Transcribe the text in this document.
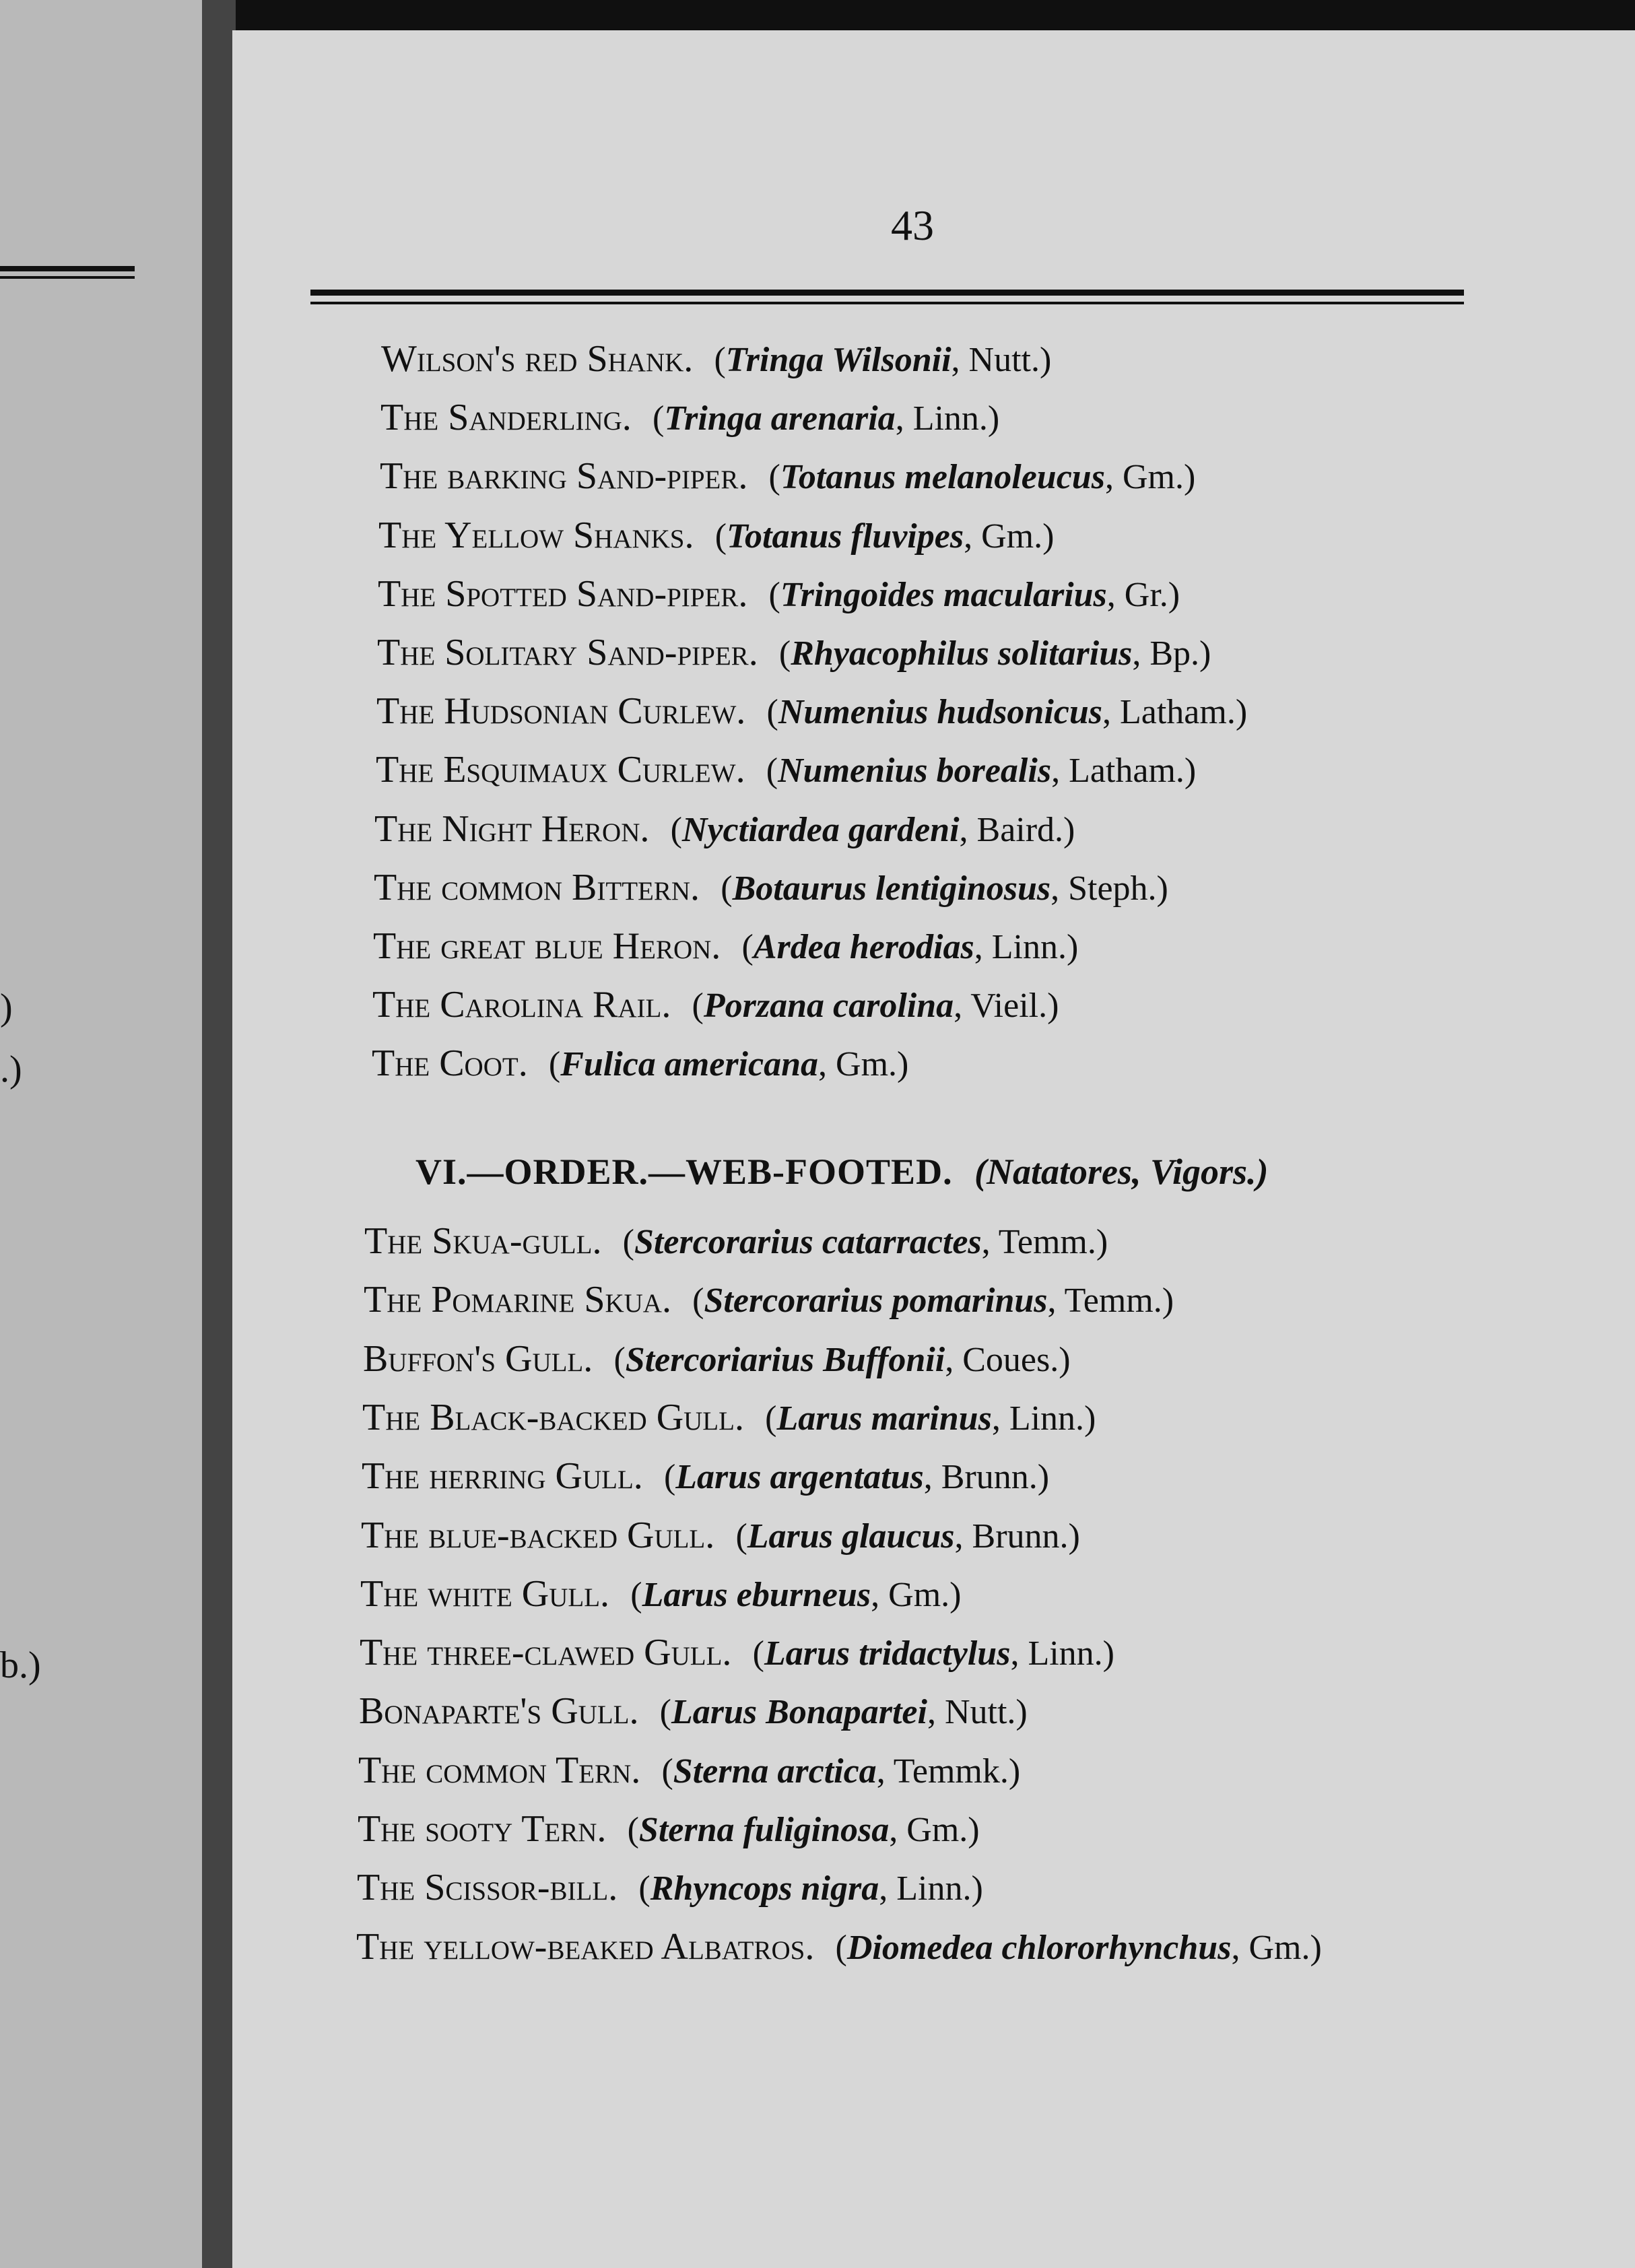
)
.)
b.)
43
Wilson's red Shank. (Tringa Wilsonii, Nutt.)
The Sanderling. (Tringa arenaria, Linn.)
The barking Sand-piper. (Totanus melanoleucus, Gm.)
The Yellow Shanks. (Totanus fluvipes, Gm.)
The Spotted Sand-piper. (Tringoides macularius, Gr.)
The Solitary Sand-piper. (Rhyacophilus solitarius, Bp.)
The Hudsonian Curlew. (Numenius hudsonicus, Latham.)
The Esquimaux Curlew. (Numenius borealis, Latham.)
The Night Heron. (Nyctiardea gardeni, Baird.)
The common Bittern. (Botaurus lentiginosus, Steph.)
The great blue Heron. (Ardea herodias, Linn.)
The Carolina Rail. (Porzana carolina, Vieil.)
The Coot. (Fulica americana, Gm.)
VI.—ORDER.—WEB-FOOTED. (Natatores, Vigors.)
The Skua-gull. (Stercorarius catarractes, Temm.)
The Pomarine Skua. (Stercorarius pomarinus, Temm.)
Buffon's Gull. (Stercoriarius Buffonii, Coues.)
The Black-backed Gull. (Larus marinus, Linn.)
The herring Gull. (Larus argentatus, Brunn.)
The blue-backed Gull. (Larus glaucus, Brunn.)
The white Gull. (Larus eburneus, Gm.)
The three-clawed Gull. (Larus tridactylus, Linn.)
Bonaparte's Gull. (Larus Bonapartei, Nutt.)
The common Tern. (Sterna arctica, Temmk.)
The sooty Tern. (Sterna fuliginosa, Gm.)
The Scissor-bill. (Rhyncops nigra, Linn.)
The yellow-beaked Albatros. (Diomedea chlororhynchus, Gm.)
